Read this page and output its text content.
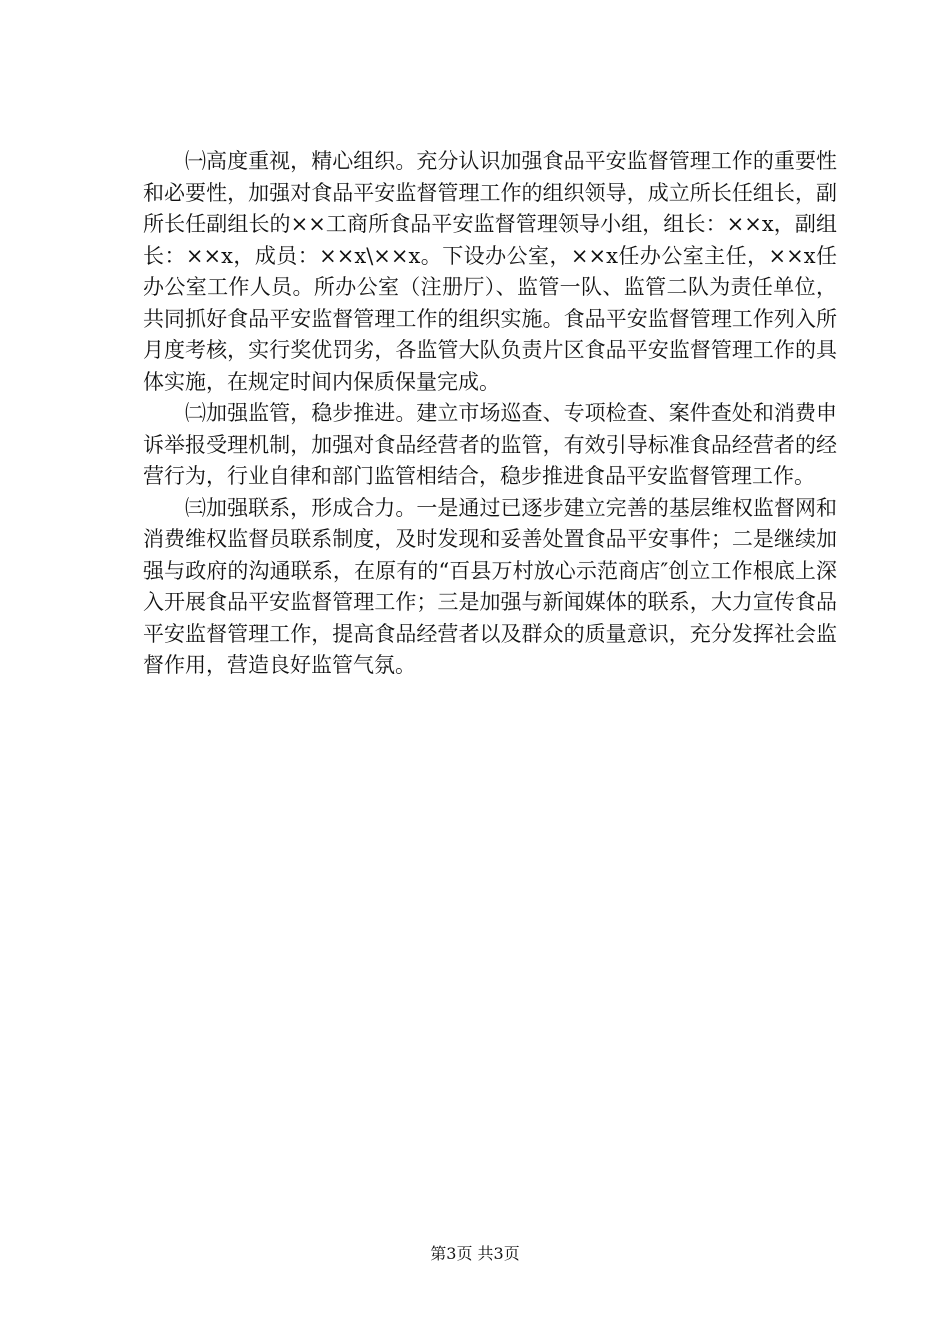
㈠高度重视，精心组织。充分认识加强食品平安监督管理工作的重要性和必要性，加强对食品平安监督管理工作的组织领导，成立所长任组长，副所长任副组长的××工商所食品平安监督管理领导小组，组长：××x，副组长：××x，成员：××x\××x。下设办公室，××x任办公室主任，××x任办公室工作人员。所办公室（注册厅）、监管一队、监管二队为责任单位，共同抓好食品平安监督管理工作的组织实施。食品平安监督管理工作列入所月度考核，实行奖优罚劣，各监管大队负责片区食品平安监督管理工作的具体实施，在规定时间内保质保量完成。

㈡加强监管，稳步推进。建立市场巡查、专项检查、案件查处和消费申诉举报受理机制，加强对食品经营者的监管，有效引导标准食品经营者的经营行为，行业自律和部门监管相结合，稳步推进食品平安监督管理工作。

㈢加强联系，形成合力。一是通过已逐步建立完善的基层维权监督网和消费维权监督员联系制度，及时发现和妥善处置食品平安事件；二是继续加强与政府的沟通联系，在原有的“百县万村放心示范商店″创立工作根底上深入开展食品平安监督管理工作；三是加强与新闻媒体的联系，大力宣传食品平安监督管理工作，提高食品经营者以及群众的质量意识，充分发挥社会监督作用，营造良好监管气氛。

第3页 共3页
